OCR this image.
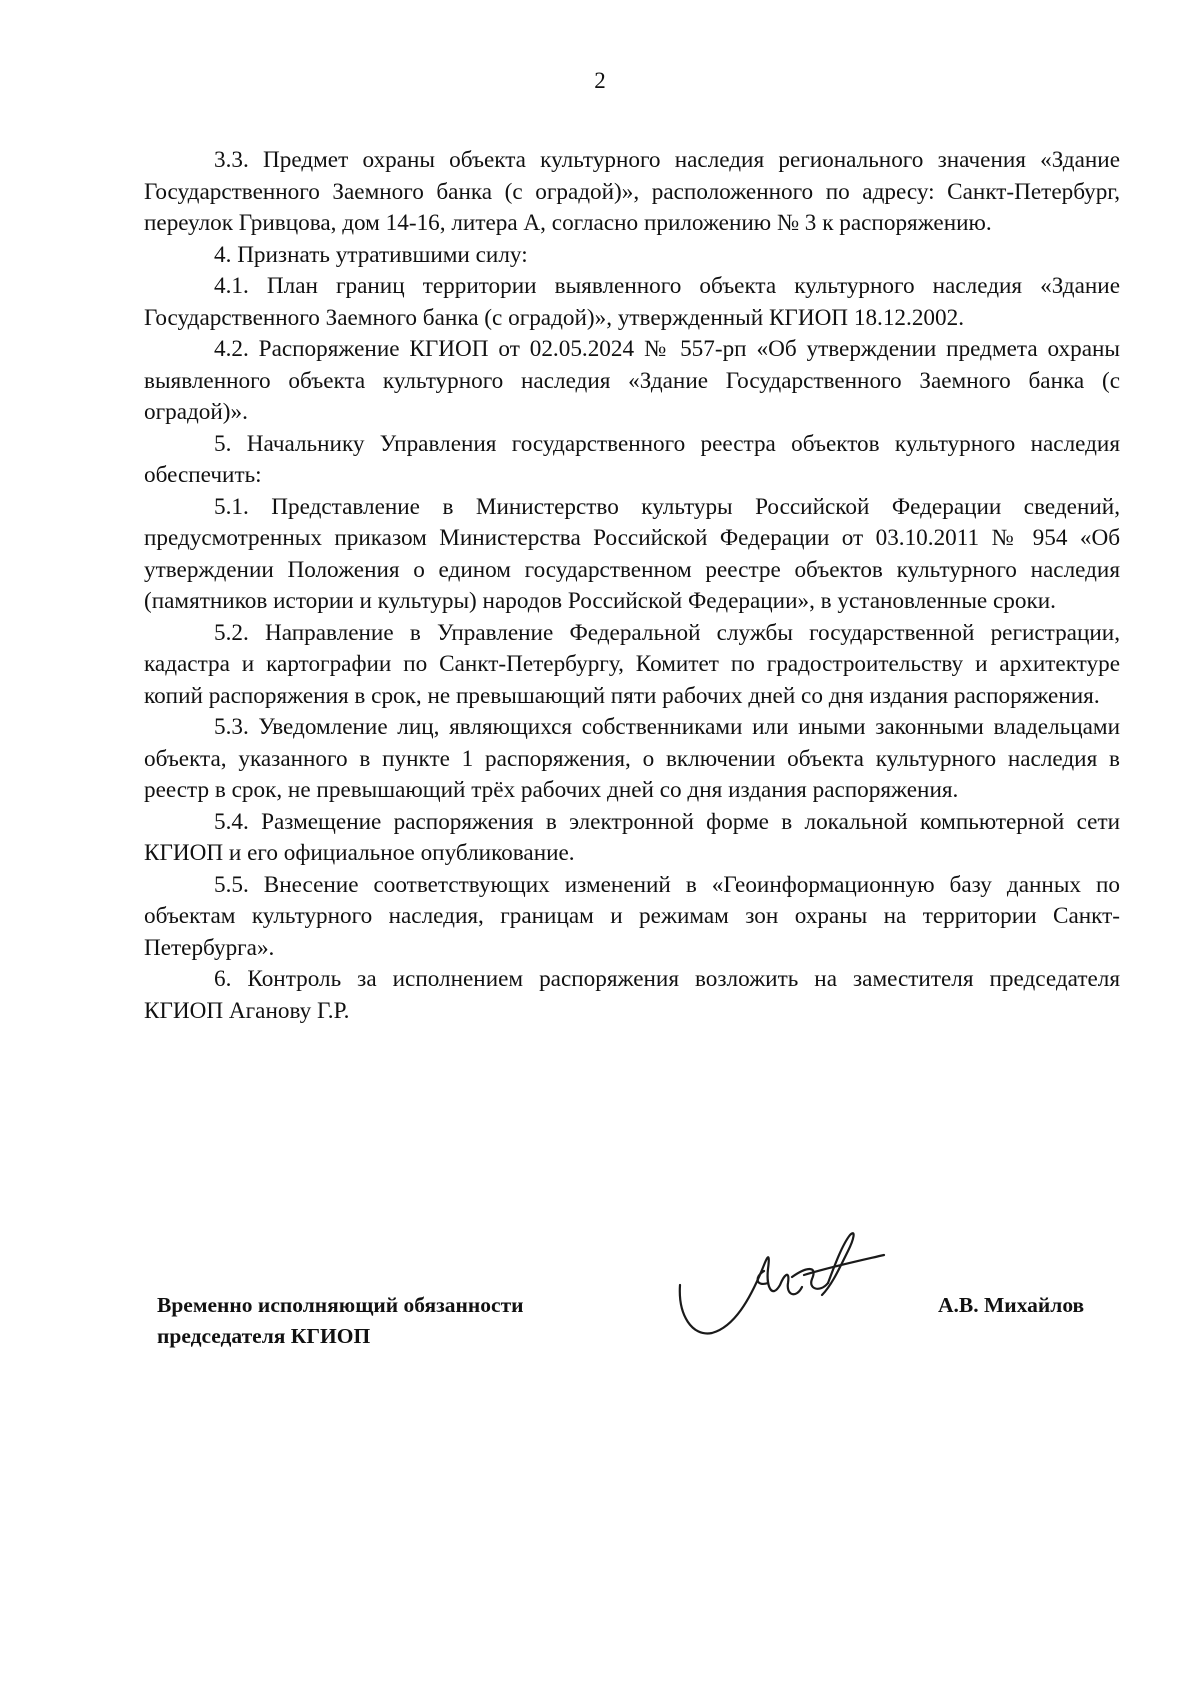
2

3.3. Предмет охраны объекта культурного наследия регионального значения «Здание Государственного Заемного банка (с оградой)», расположенного по адресу: Санкт-Петербург, переулок Гривцова, дом 14-16, литера А, согласно приложению № 3 к распоряжению.

4. Признать утратившими силу:

4.1. План границ территории выявленного объекта культурного наследия «Здание Государственного Заемного банка (с оградой)», утвержденный КГИОП 18.12.2002.

4.2. Распоряжение КГИОП от 02.05.2024 № 557-рп «Об утверждении предмета охраны выявленного объекта культурного наследия «Здание Государственного Заемного банка (с оградой)».

5. Начальнику Управления государственного реестра объектов культурного наследия обеспечить:

5.1. Представление в Министерство культуры Российской Федерации сведений, предусмотренных приказом Министерства Российской Федерации от 03.10.2011 № 954 «Об утверждении Положения о едином государственном реестре объектов культурного наследия (памятников истории и культуры) народов Российской Федерации», в установленные сроки.

5.2. Направление в Управление Федеральной службы государственной регистрации, кадастра и картографии по Санкт-Петербургу, Комитет по градостроительству и архитектуре копий распоряжения в срок, не превышающий пяти рабочих дней со дня издания распоряжения.

5.3. Уведомление лиц, являющихся собственниками или иными законными владельцами объекта, указанного в пункте 1 распоряжения, о включении объекта культурного наследия в реестр в срок, не превышающий трёх рабочих дней со дня издания распоряжения.

5.4. Размещение распоряжения в электронной форме в локальной компьютерной сети КГИОП и его официальное опубликование.

5.5. Внесение соответствующих изменений в «Геоинформационную базу данных по объектам культурного наследия, границам и режимам зон охраны на территории Санкт-Петербурга».

6. Контроль за исполнением распоряжения возложить на заместителя председателя КГИОП Аганову Г.Р.

Временно исполняющий обязанности
председателя КГИОП
А.В. Михайлов
